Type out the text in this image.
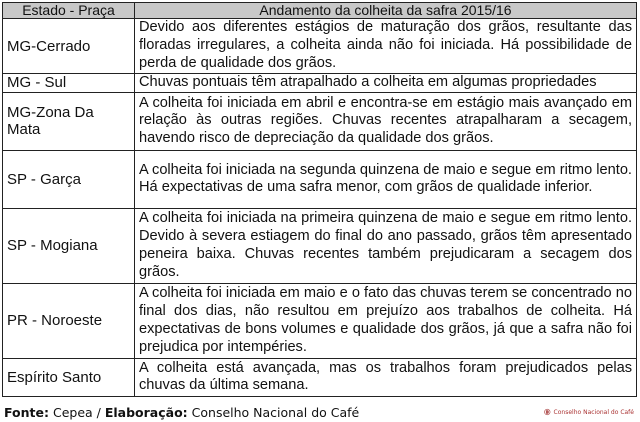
Estado - Praça	Andamento da colheita da safra 2015/16
MG-Cerrado	Devido aos diferentes estágios de maturação dos grãos, resultante das floradas irregulares, a colheita ainda não foi iniciada. Há possibilidade de perda de qualidade dos grãos.
MG - Sul	Chuvas pontuais têm atrapalhado a colheita em algumas propriedades
MG-Zona Da Mata	A colheita foi iniciada em abril e encontra-se em estágio mais avançado em relação às outras regiões. Chuvas recentes atrapalharam a secagem, havendo risco de depreciação da qualidade dos grãos.
SP - Garça	A colheita foi iniciada na segunda quinzena de maio e segue em ritmo lento. Há expectativas de uma safra menor, com grãos de qualidade inferior.
SP - Mogiana	A colheita foi iniciada na primeira quinzena de maio e segue em ritmo lento. Devido à severa estiagem do final do ano passado, grãos têm apresentado peneira baixa. Chuvas recentes também prejudicaram a secagem dos grãos.
PR - Noroeste	A colheita foi iniciada em maio e o fato das chuvas terem se concentrado no final dos dias, não resultou em prejuízo aos trabalhos de colheita. Há expectativas de bons volumes e qualidade dos grãos, já que a safra não foi prejudica por intempéries.
Espírito Santo	A colheita está avançada, mas os trabalhos foram prejudicados pelas chuvas da última semana.
Fonte: Cepea / Elaboração: Conselho Nacional do Café	Conselho Nacional do Café
